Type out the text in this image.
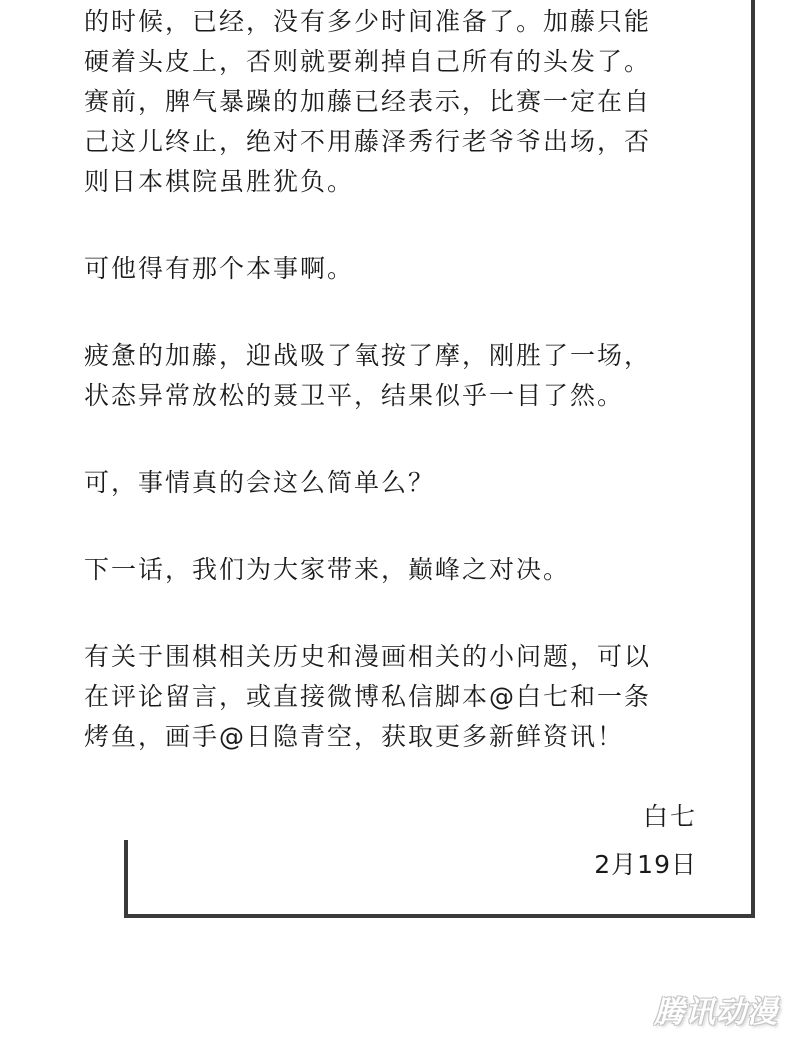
的时候，已经，没有多少时间准备了。加藤只能
硬着头皮上，否则就要剃掉自己所有的头发了。
赛前，脾气暴躁的加藤已经表示，比赛一定在自
己这儿终止，绝对不用藤泽秀行老爷爷出场，否
则日本棋院虽胜犹负。

可他得有那个本事啊。

疲惫的加藤，迎战吸了氧按了摩，刚胜了一场，
状态异常放松的聂卫平，结果似乎一目了然。

可，事情真的会这么简单么？

下一话，我们为大家带来，巅峰之对决。

有关于围棋相关历史和漫画相关的小问题，可以
在评论留言，或直接微博私信脚本@白七和一条
烤鱼，画手@日隐青空，获取更多新鲜资讯！

白七
2月19日
腾讯动漫
